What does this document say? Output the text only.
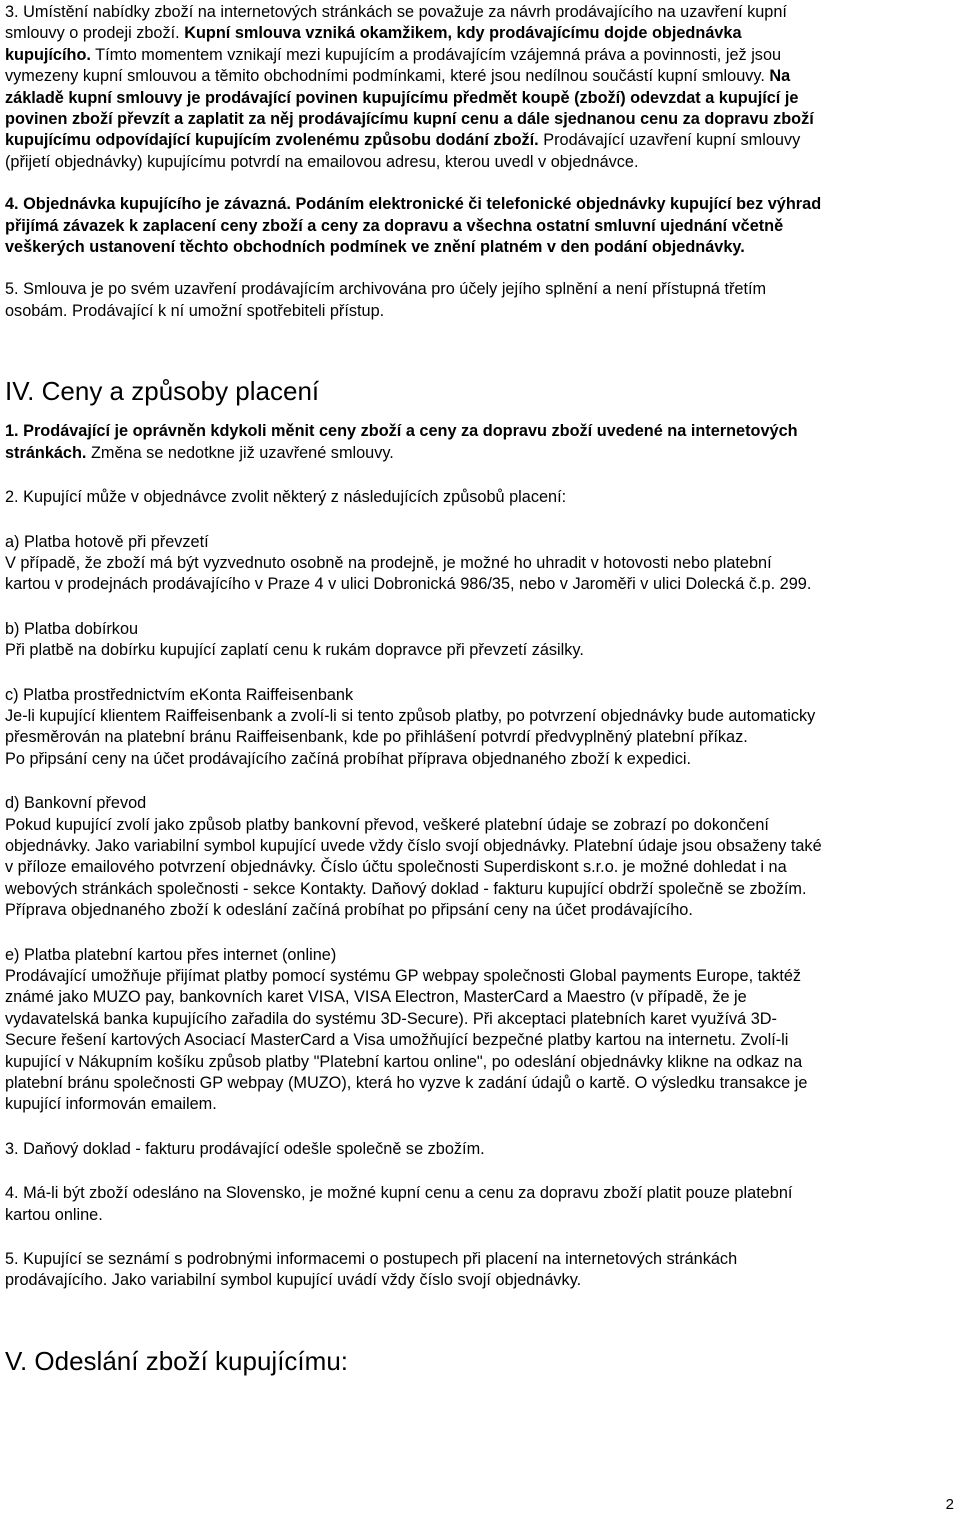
3. Umístění nabídky zboží na internetových stránkách se považuje za návrh prodávajícího na uzavření kupní

smlouvy o prodeji zboží. Kupní smlouva vzniká okamžikem, kdy prodávajícímu dojde objednávka

kupujícího. Tímto momentem vznikají mezi kupujícím a prodávajícím vzájemná práva a povinnosti, jež jsou

vymezeny kupní smlouvou a těmito obchodními podmínkami, které jsou nedílnou součástí kupní smlouvy. Na

základě kupní smlouvy je prodávající povinen kupujícímu předmět koupě (zboží) odevzdat a kupující je

povinen zboží převzít a zaplatit za něj prodávajícímu kupní cenu a dále sjednanou cenu za dopravu zboží

kupujícímu odpovídající kupujícím zvolenému způsobu dodání zboží. Prodávající uzavření kupní smlouvy

(přijetí objednávky) kupujícímu potvrdí na emailovou adresu, kterou uvedl v objednávce.

4. Objednávka kupujícího je závazná. Podáním elektronické či telefonické objednávky kupující bez výhrad

přijímá závazek k zaplacení ceny zboží a ceny za dopravu a všechna ostatní smluvní ujednání včetně

veškerých ustanovení těchto obchodních podmínek ve znění platném v den podání objednávky.

5. Smlouva je po svém uzavření prodávajícím archivována pro účely jejího splnění a není přístupná třetím

osobám. Prodávající k ní umožní spotřebiteli přístup.

IV. Ceny a způsoby placení

1. Prodávající je oprávněn kdykoli měnit ceny zboží a ceny za dopravu zboží uvedené na internetových

stránkách. Změna se nedotkne již uzavřené smlouvy.

2. Kupující může v objednávce zvolit některý z následujících způsobů placení:

a) Platba hotově při převzetí

V případě, že zboží má být vyzvednuto osobně na prodejně, je možné ho uhradit v hotovosti nebo platební

kartou v prodejnách prodávajícího v Praze 4 v ulici Dobronická 986/35, nebo v Jaroměři v ulici Dolecká č.p. 299.

b) Platba dobírkou

Při platbě na dobírku kupující zaplatí cenu k rukám dopravce při převzetí zásilky.

c) Platba prostřednictvím eKonta Raiffeisenbank

Je-li kupující klientem Raiffeisenbank a zvolí-li si tento způsob platby, po potvrzení objednávky bude automaticky

přesměrován na platební bránu Raiffeisenbank, kde po přihlášení potvrdí předvyplněný platební příkaz.

Po připsání ceny na účet prodávajícího začíná probíhat příprava objednaného zboží k expedici.

d) Bankovní převod

Pokud kupující zvolí jako způsob platby bankovní převod, veškeré platební údaje se zobrazí po dokončení

objednávky. Jako variabilní symbol kupující uvede vždy číslo svojí objednávky. Platební údaje jsou obsaženy také

v příloze emailového potvrzení objednávky. Číslo účtu společnosti Superdiskont s.r.o. je možné dohledat i na

webových stránkách společnosti - sekce Kontakty. Daňový doklad - fakturu kupující obdrží společně se zbožím.

Příprava objednaného zboží k odeslání začíná probíhat po připsání ceny na účet prodávajícího.

e) Platba platební kartou přes internet (online)

Prodávající umožňuje přijímat platby pomocí systému GP webpay společnosti Global payments Europe, taktéž

známé jako MUZO pay, bankovních karet VISA, VISA Electron, MasterCard a Maestro (v případě, že je

vydavatelská banka kupujícího zařadila do systému 3D-Secure). Při akceptaci platebních karet využívá 3D-

Secure řešení kartových Asociací MasterCard a Visa umožňující bezpečné platby kartou na internetu. Zvolí-li

kupující v Nákupním košíku způsob platby "Platební kartou online", po odeslání objednávky klikne na odkaz na

platební bránu společnosti GP webpay (MUZO), která ho vyzve k zadání údajů o kartě. O výsledku transakce je

kupující informován emailem.

3. Daňový doklad - fakturu prodávající odešle společně se zbožím.

4. Má-li být zboží odesláno na Slovensko, je možné kupní cenu a cenu za dopravu zboží platit pouze platební

kartou online.

5. Kupující se seznámí s podrobnými informacemi o postupech při placení na internetových stránkách

prodávajícího. Jako variabilní symbol kupující uvádí vždy číslo svojí objednávky.

V. Odeslání zboží kupujícímu:
2
